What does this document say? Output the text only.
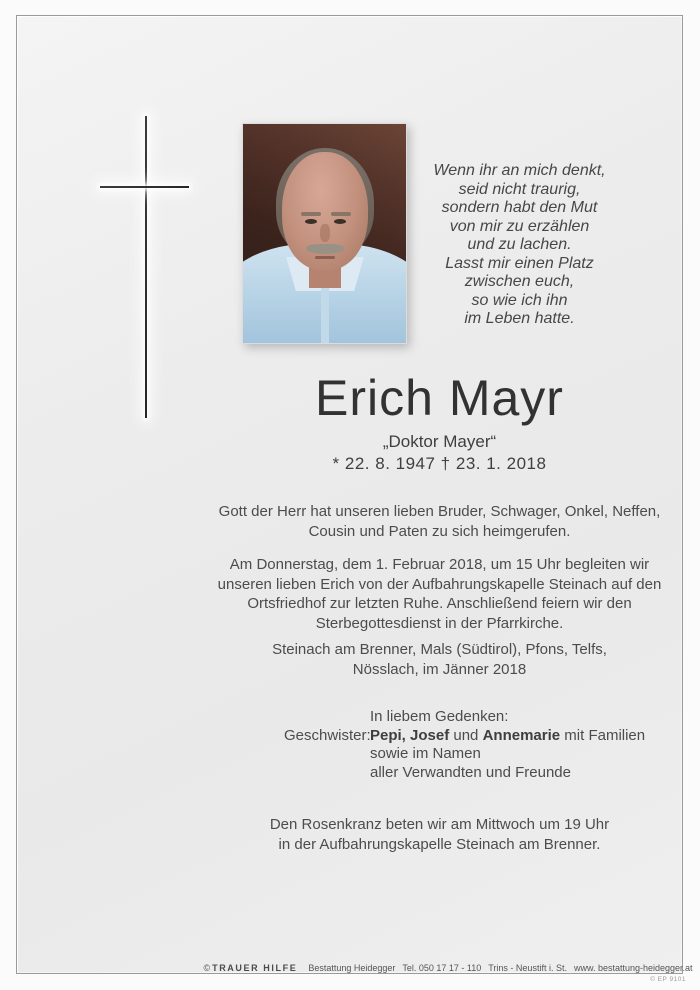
Wenn ihr an mich denkt,
seid nicht traurig,
sondern habt den Mut
von mir zu erzählen
und zu lachen.
Lasst mir einen Platz
zwischen euch,
so wie ich ihn
im Leben hatte.
Erich Mayr
„Doktor Mayer“
* 22. 8. 1947 † 23. 1. 2018
Gott der Herr hat unseren lieben Bruder, Schwager, Onkel, Neffen,
Cousin und Paten zu sich heimgerufen.
Am Donnerstag, dem 1. Februar 2018, um 15 Uhr begleiten wir
unseren lieben Erich von der Aufbahrungskapelle Steinach auf den
Ortsfriedhof zur letzten Ruhe. Anschließend feiern wir den
Sterbegottesdienst in der Pfarrkirche.
Steinach am Brenner, Mals (Südtirol), Pfons, Telfs,
Nösslach, im Jänner 2018
In liebem Gedenken:
Geschwister: Pepi, Josef und Annemarie mit Familien
sowie im Namen
aller Verwandten und Freunde
Den Rosenkranz beten wir am Mittwoch um 19 Uhr
in der Aufbahrungskapelle Steinach am Brenner.
© TRAUER HILFE Bestattung Heidegger Tel. 050 17 17 - 110 Trins - Neustift i. St. www. bestattung-heidegger.at
© EP 9101
